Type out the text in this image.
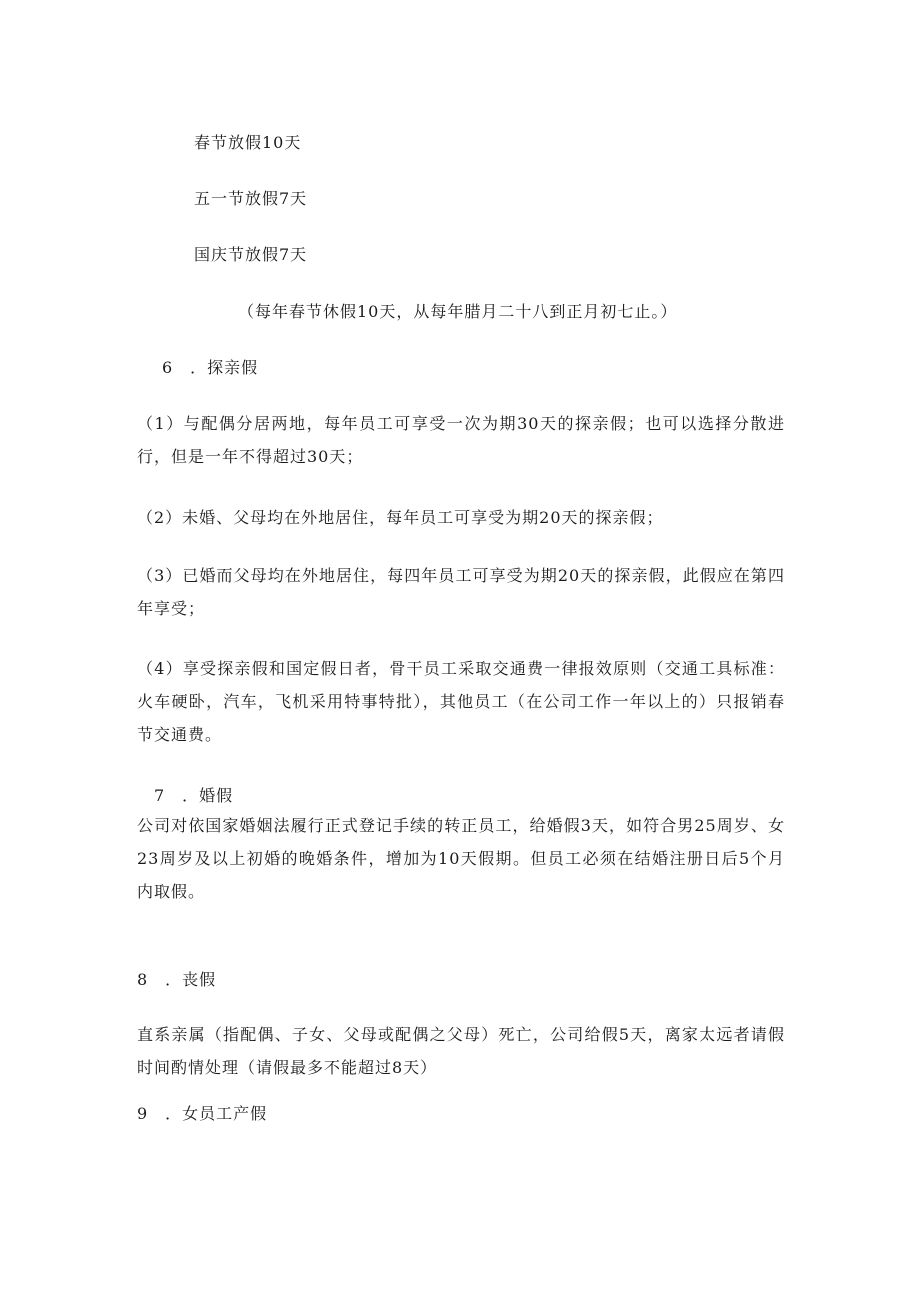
春节放假10天
五一节放假7天
国庆节放假7天
（每年春节休假10天，从每年腊月二十八到正月初七止。）
6　．探亲假

（1）与配偶分居两地，每年员工可享受一次为期30天的探亲假；也可以选择分散进行，但是一年不得超过30天；

（2）未婚、父母均在外地居住，每年员工可享受为期20天的探亲假；

（3）已婚而父母均在外地居住，每四年员工可享受为期20天的探亲假，此假应在第四年享受；

（4）享受探亲假和国定假日者，骨干员工采取交通费一律报效原则（交通工具标准：火车硬卧，汽车，飞机采用特事特批），其他员工（在公司工作一年以上的）只报销春节交通费。

7　．婚假

公司对依国家婚姻法履行正式登记手续的转正员工，给婚假3天，如符合男25周岁、女23周岁及以上初婚的晚婚条件，增加为10天假期。但员工必须在结婚注册日后5个月内取假。

8　．丧假

直系亲属（指配偶、子女、父母或配偶之父母）死亡，公司给假5天，离家太远者请假时间酌情处理（请假最多不能超过8天）

9　．女员工产假
